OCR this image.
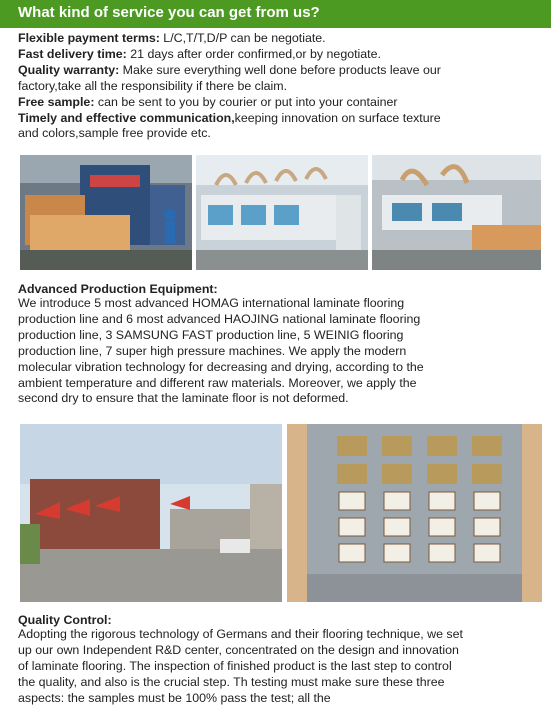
What kind of service you can get from us?
Flexible payment terms: L/C,T/T,D/P can be negotiate.
Fast delivery time: 21 days after order confirmed,or by negotiate.
Quality warranty: Make sure everything well done before products leave our factory,take all the responsibility if there be claim.
Free sample: can be sent to you by courier or put into your container
Timely and effective communication,keeping innovation on surface texture and colors,sample free provide etc.
Advanced Production Equipment:
We introduce 5 most advanced HOMAG international laminate flooring production line and 6 most advanced HAOJING national laminate flooring production line, 3 SAMSUNG FAST production line, 5 WEINIG flooring production line, 7 super high pressure machines. We apply the modern molecular vibration technology for decreasing and drying, according to the ambient temperature and different raw materials. Moreover, we apply the second dry to ensure that the laminate floor is not deformed.
Quality Control:
Adopting the rigorous technology of Germans and their flooring technique, we set up our own Independent R&D center, concentrated on the design and innovation of laminate flooring. The inspection of finished product is the last step to control the quality, and also is the crucial step. Th testing must make sure these three aspects: the samples must be 100% pass the test; all the
